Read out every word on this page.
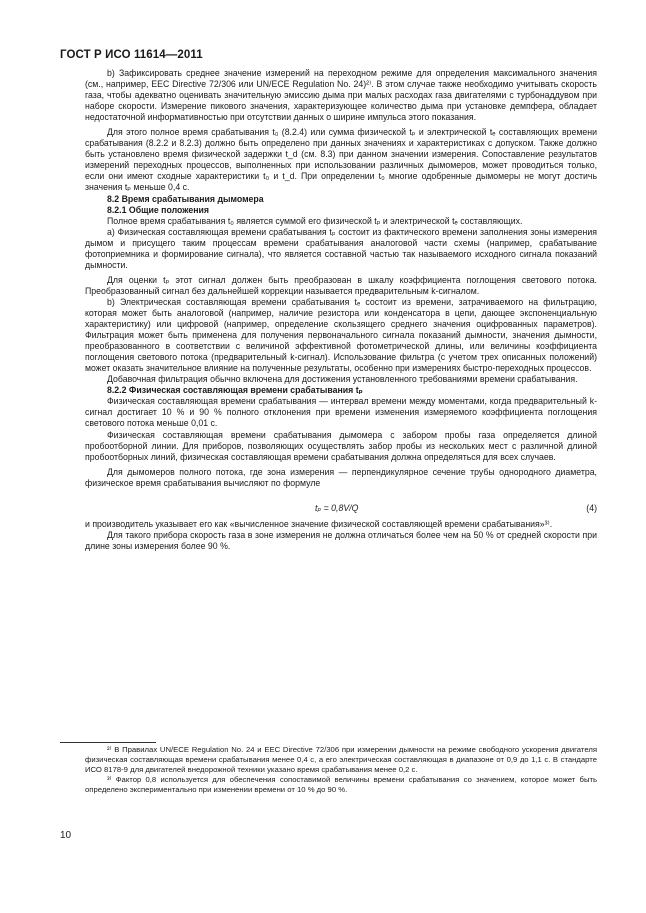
ГОСТ Р ИСО 11614—2011

b) Зафиксировать среднее значение измерений на переходном режиме для определения максимального значения (см., например, ЕЕС Directive 72/306 или UN/ECE Regulation No. 24)²⁾. В этом случае также необходимо учитывать скорость газа, чтобы адекватно оценивать значительную эмиссию дыма при малых расходах газа двигателями с турбонаддувом при наборе скорости. Измерение пикового значения, характеризующее количество дыма при установке демпфера, обладает недостаточной информативностью при отсутствии данных о ширине импульса этого показания.

Для этого полное время срабатывания t₀ (8.2.4) или сумма физической tₚ и электрической tₑ составляющих времени срабатывания (8.2.2 и 8.2.3) должно быть определено при данных значениях и характеристиках с допуском. Также должно быть установлено время физической задержки t_d (см. 8.3) при данном значении измерения. Сопоставление результатов измерений переходных процессов, выполненных при использовании различных дымомеров, может проводиться только, если они имеют сходные характеристики t₀ и t_d. При определении t₀ многие одобренные дымомеры не могут достичь значения tₚ меньше 0,4 с.

8.2 Время срабатывания дымомера

8.2.1 Общие положения

Полное время срабатывания t₀ является суммой его физической tₚ и электрической tₑ составляющих.

а) Физическая составляющая времени срабатывания tₚ состоит из фактического времени заполнения зоны измерения дымом и присущего таким процессам времени срабатывания аналоговой части схемы (например, срабатывание фотоприемника и формирование сигнала), что является составной частью так называемого исходного сигнала показаний дымности.

Для оценки tₚ этот сигнал должен быть преобразован в шкалу коэффициента поглощения светового потока. Преобразованный сигнал без дальнейшей коррекции называется предварительным k-сигналом.

b) Электрическая составляющая времени срабатывания tₑ состоит из времени, затрачиваемого на фильтрацию, которая может быть аналоговой (например, наличие резистора или конденсатора в цепи, дающее экспоненциальную характеристику) или цифровой (например, определение скользящего среднего значения оцифрованных параметров). Фильтрация может быть применена для получения первоначального сигнала показаний дымности, значения дымности, преобразованного в соответствии с величиной эффективной фотометрической длины, или величины коэффициента поглощения светового потока (предварительный k-сигнал). Использование фильтра (с учетом трех описанных положений) может оказать значительное влияние на полученные результаты, особенно при измерениях быстро-переходных процессов.

Добавочная фильтрация обычно включена для достижения установленного требованиями времени срабатывания.

8.2.2 Физическая составляющая времени срабатывания tₚ

Физическая составляющая времени срабатывания — интервал времени между моментами, когда предварительный k-сигнал достигает 10 % и 90 % полного отклонения при времени изменения измеряемого коэффициента поглощения светового потока меньше 0,01 с.

Физическая составляющая времени срабатывания дымомера с забором пробы газа определяется длиной пробоотборной линии. Для приборов, позволяющих осуществлять забор пробы из нескольких мест с различной длиной пробоотборных линий, физическая составляющая времени срабатывания должна определяться для всех случаев.

Для дымомеров полного потока, где зона измерения — перпендикулярное сечение трубы однородного диаметра, физическое время срабатывания вычисляют по формуле

tₚ = 0,8V/Q	(4)

и производитель указывает его как «вычисленное значение физической составляющей времени срабатывания»³⁾.

Для такого прибора скорость газа в зоне измерения не должна отличаться более чем на 50 % от средней скорости при длине зоны измерения более 90 %.

²⁾ В Правилах UN/ECE Regulation No. 24 и ЕЕС Directive 72/306 при измерении дымности на режиме свободного ускорения двигателя физическая составляющая времени срабатывания менее 0,4 с, а его электрическая составляющая в диапазоне от 0,9 до 1,1 с. В стандарте ИСО 8178-9 для двигателей внедорожной техники указано время срабатывания менее 0,2 с.

³⁾ Фактор 0,8 используется для обеспечения сопоставимой величины времени срабатывания со значением, которое может быть определено экспериментально при изменении времени от 10 % до 90 %.

10
